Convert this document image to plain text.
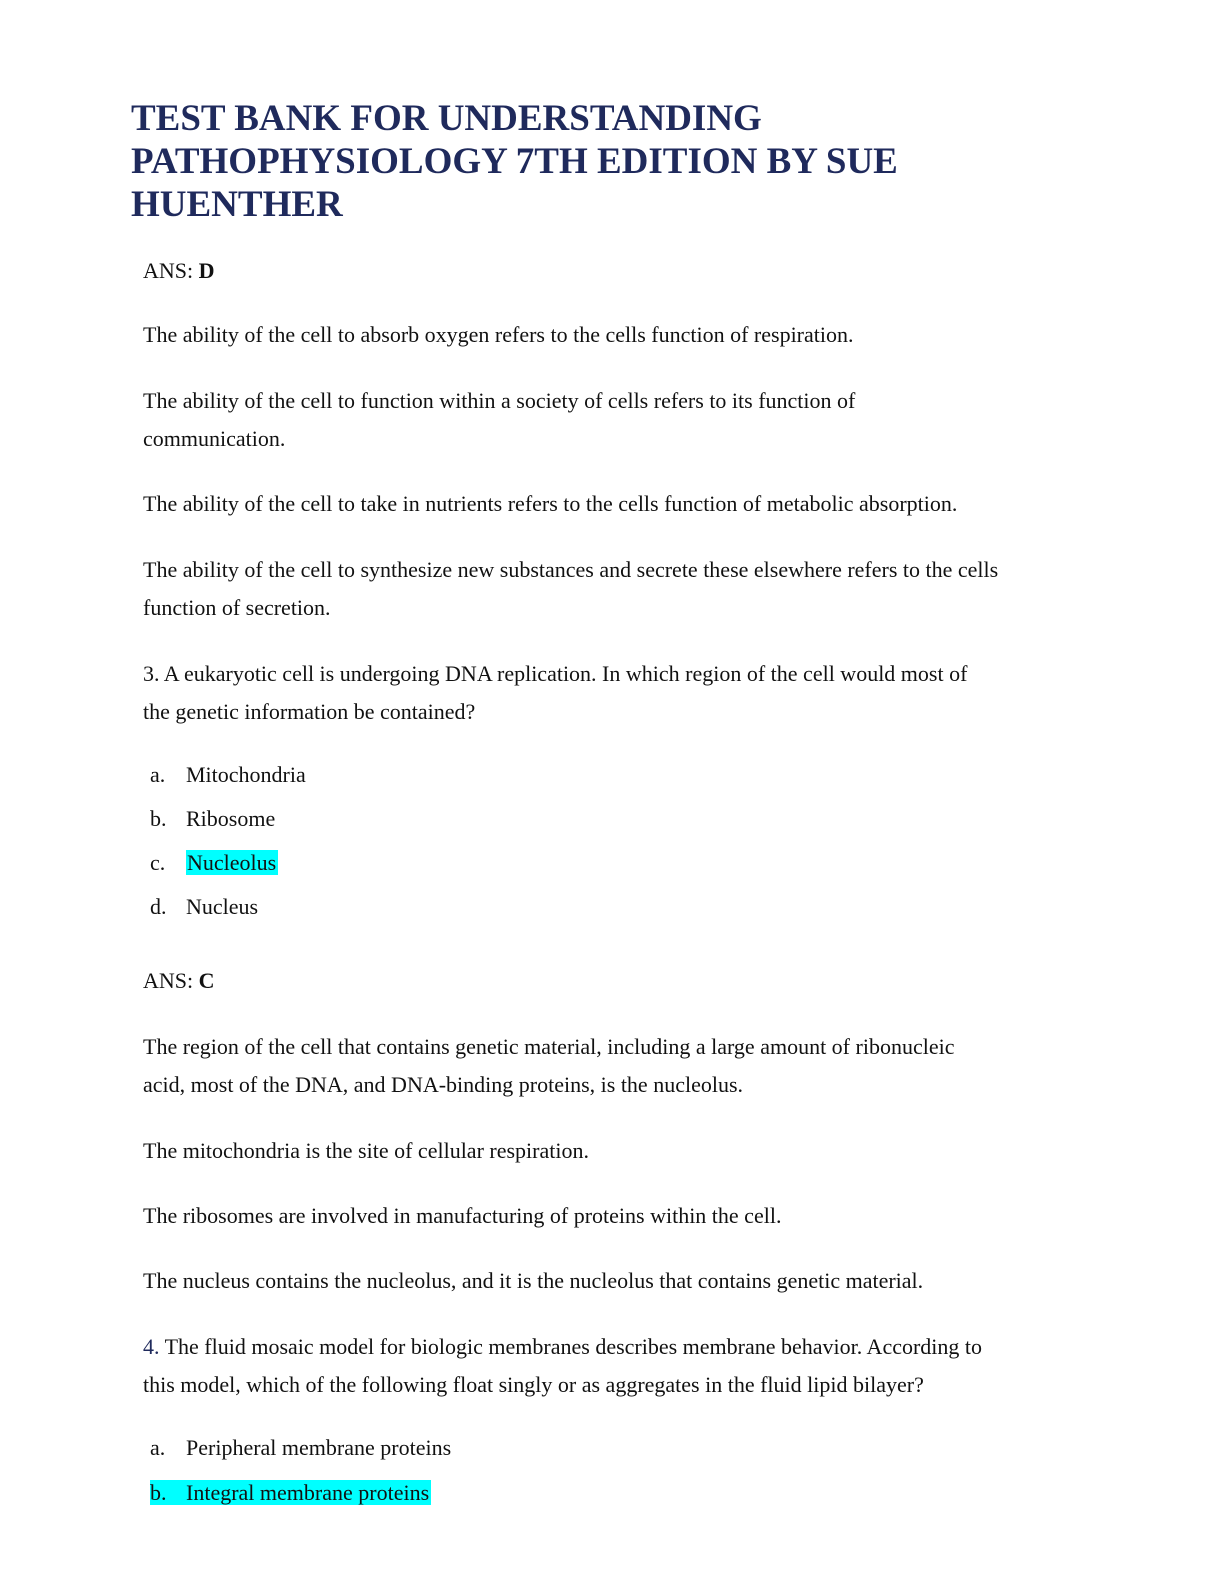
TEST BANK FOR UNDERSTANDING
PATHOPHYSIOLOGY 7TH EDITION BY SUE
HUENTHER

ANS: D

The ability of the cell to absorb oxygen refers to the cells function of respiration.

The ability of the cell to function within a society of cells refers to its function of
communication.

The ability of the cell to take in nutrients refers to the cells function of metabolic absorption.

The ability of the cell to synthesize new substances and secrete these elsewhere refers to the cells
function of secretion.

3. A eukaryotic cell is undergoing DNA replication. In which region of the cell would most of
the genetic information be contained?

a. Mitochondria

b. Ribosome

c. Nucleolus

d. Nucleus

ANS: C

The region of the cell that contains genetic material, including a large amount of ribonucleic
acid, most of the DNA, and DNA-binding proteins, is the nucleolus.

The mitochondria is the site of cellular respiration.

The ribosomes are involved in manufacturing of proteins within the cell.

The nucleus contains the nucleolus, and it is the nucleolus that contains genetic material.

4. The fluid mosaic model for biologic membranes describes membrane behavior. According to
this model, which of the following float singly or as aggregates in the fluid lipid bilayer?

a. Peripheral membrane proteins

b. Integral membrane proteins
